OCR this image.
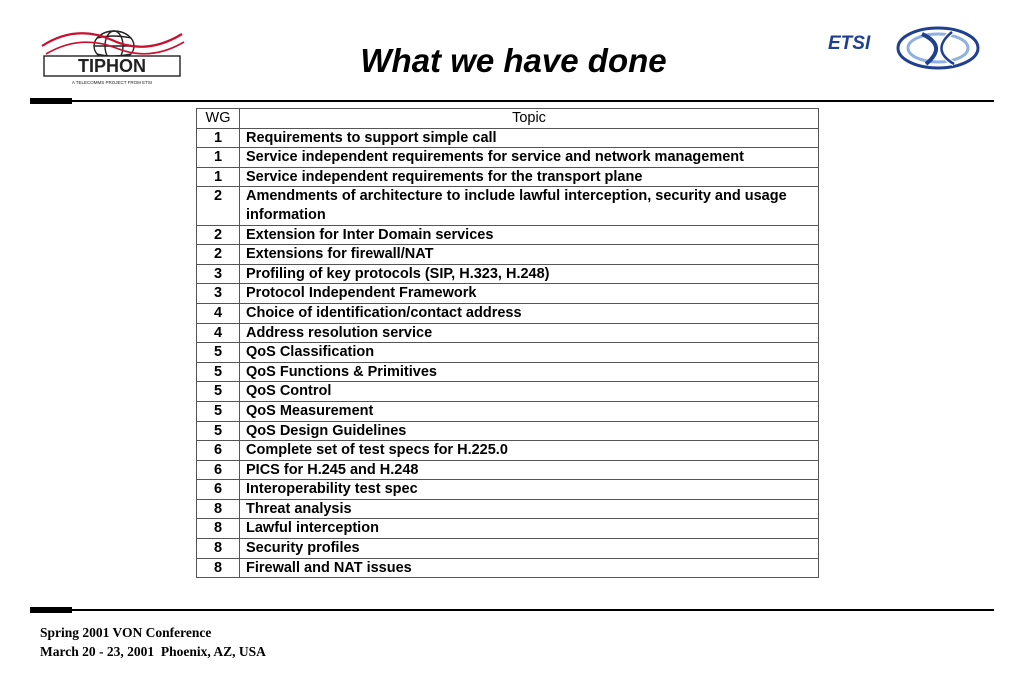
TIPHON
A TELECOMMS PROJECT FROM ETSI
What we have done	ETSI
WG	Topic
1	Requirements to support simple call
1	Service independent requirements for service and network management
1	Service independent requirements for the transport plane
2	Amendments of architecture to include lawful interception, security and usage information
2	Extension for Inter Domain services
2	Extensions for firewall/NAT
3	Profiling of key protocols (SIP, H.323, H.248)
3	Protocol Independent Framework
4	Choice of identification/contact address
4	Address resolution service
5	QoS Classification
5	QoS Functions & Primitives
5	QoS Control
5	QoS Measurement
5	QoS Design Guidelines
6	Complete set of test specs for H.225.0
6	PICS for H.245 and H.248
6	Interoperability test spec
8	Threat analysis
8	Lawful interception
8	Security profiles
8	Firewall and NAT issues
Spring 2001 VON Conference
March 20 - 23, 2001  Phoenix, AZ, USA
